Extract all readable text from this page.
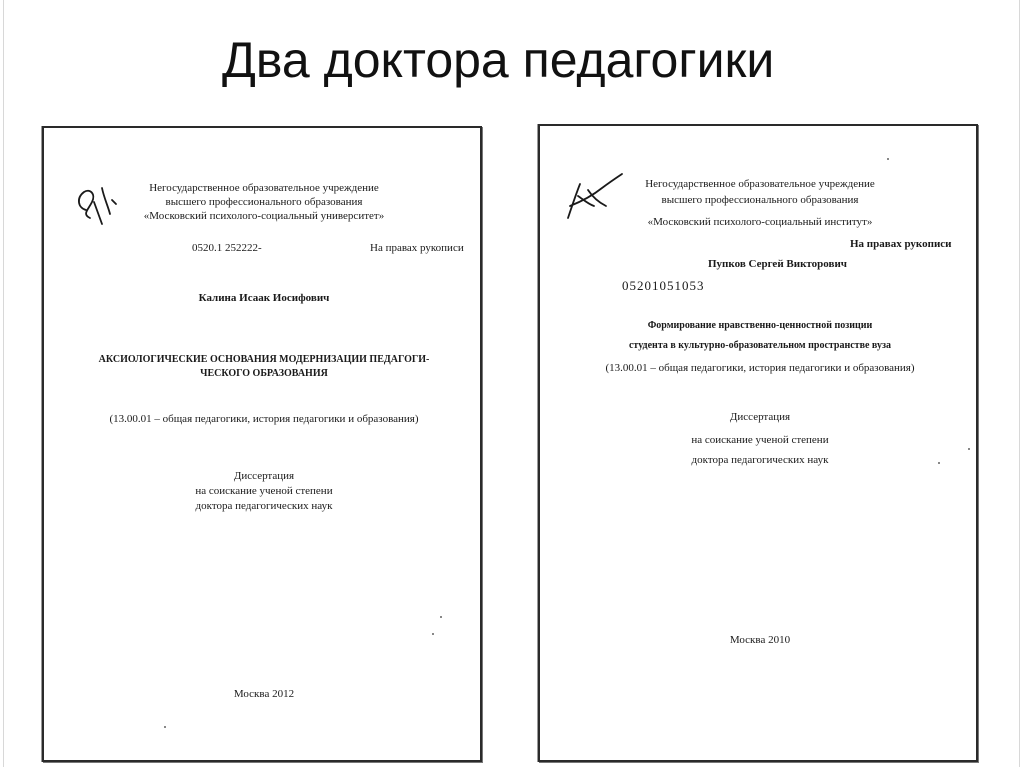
Два доктора педагогики
Негосударственное образовательное учреждение
высшего профессионального образования
«Московский психолого-социальный университет»
0520.1 252222-	На правах рукописи
Калина Исаак Иосифович
АКСИОЛОГИЧЕСКИЕ ОСНОВАНИЯ МОДЕРНИЗАЦИИ ПЕДАГОГИ-
ЧЕСКОГО ОБРАЗОВАНИЯ
(13.00.01 – общая педагогики, история педагогики и образования)
Диссертация
на соискание ученой степени
доктора педагогических наук
Москва 2012
Негосударственное образовательное учреждение
высшего профессионального образования
«Московский психолого-социальный институт»
На правах рукописи
Пупков Сергей Викторович
05201051053
Формирование нравственно-ценностной позиции
студента в культурно-образовательном пространстве вуза
(13.00.01 – общая педагогики, история педагогики и образования)
Диссертация
на соискание ученой степени
доктора педагогических наук
Москва 2010
